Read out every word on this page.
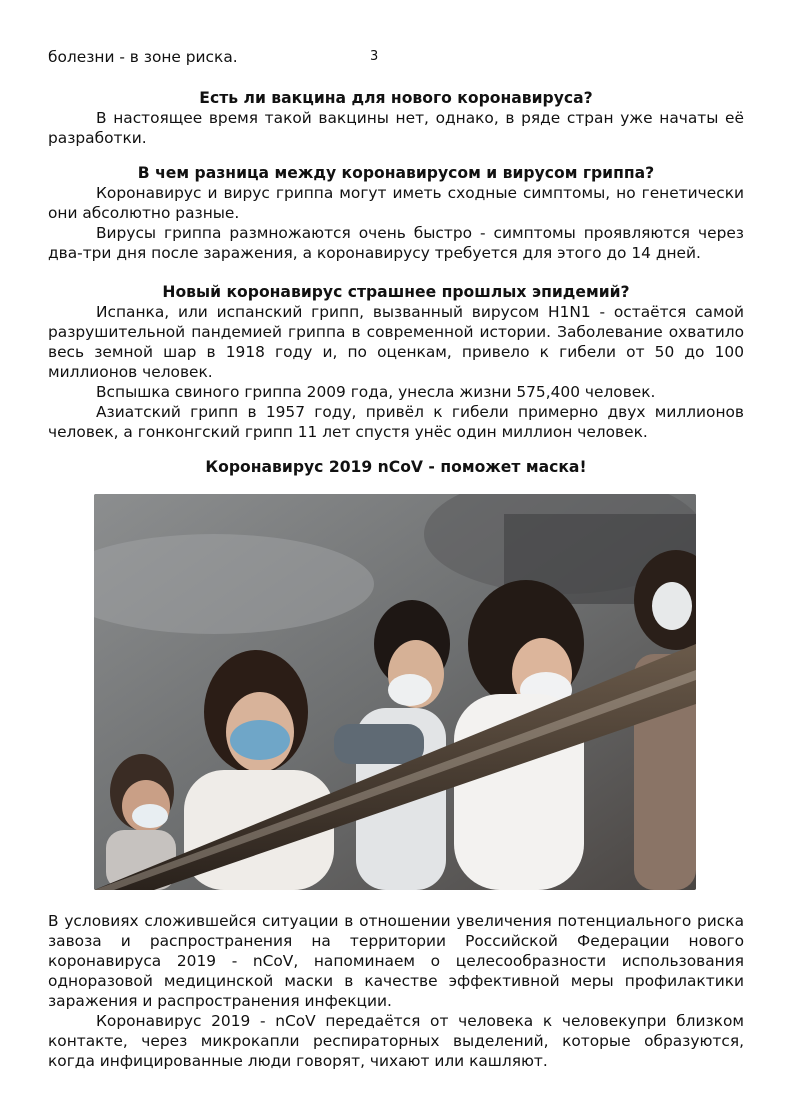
болезни - в зоне риска.	3
Есть ли вакцина для нового коронавируса?

В настоящее время такой вакцины нет, однако, в ряде стран уже начаты её разработки.

В чем разница между коронавирусом и вирусом гриппа?

Коронавирус и вирус гриппа могут иметь сходные симптомы, но генетически они абсолютно разные.

Вирусы гриппа размножаются очень быстро - симптомы проявляются через два-три дня после заражения, а коронавирусу требуется для этого до 14 дней.

Новый коронавирус страшнее прошлых эпидемий?

Испанка, или испанский грипп, вызванный вирусом H1N1 - остаётся самой разрушительной пандемией гриппа в современной истории. Заболевание охватило весь земной шар в 1918 году и, по оценкам, привело к гибели от 50 до 100 миллионов человек.

Вспышка свиного гриппа 2009 года, унесла жизни 575,400 человек.

Азиатский грипп в 1957 году, привёл к гибели примерно двух миллионов человек, а гонконгский грипп 11 лет спустя унёс один миллион человек.

Коронавирус 2019 nCoV - поможет маска!

В условиях сложившейся ситуации в отношении увеличения потенциального риска завоза и распространения на территории Российской Федерации нового коронавируса 2019 - nCoV, напоминаем о целесообразности использования одноразовой медицинской маски в качестве эффективной меры профилактики заражения и распространения инфекции.

Коронавирус 2019 - nCoV передаётся от человека к человекупри близком контакте, через микрокапли респираторных выделений, которые образуются, когда инфицированные люди говорят, чихают или кашляют.
